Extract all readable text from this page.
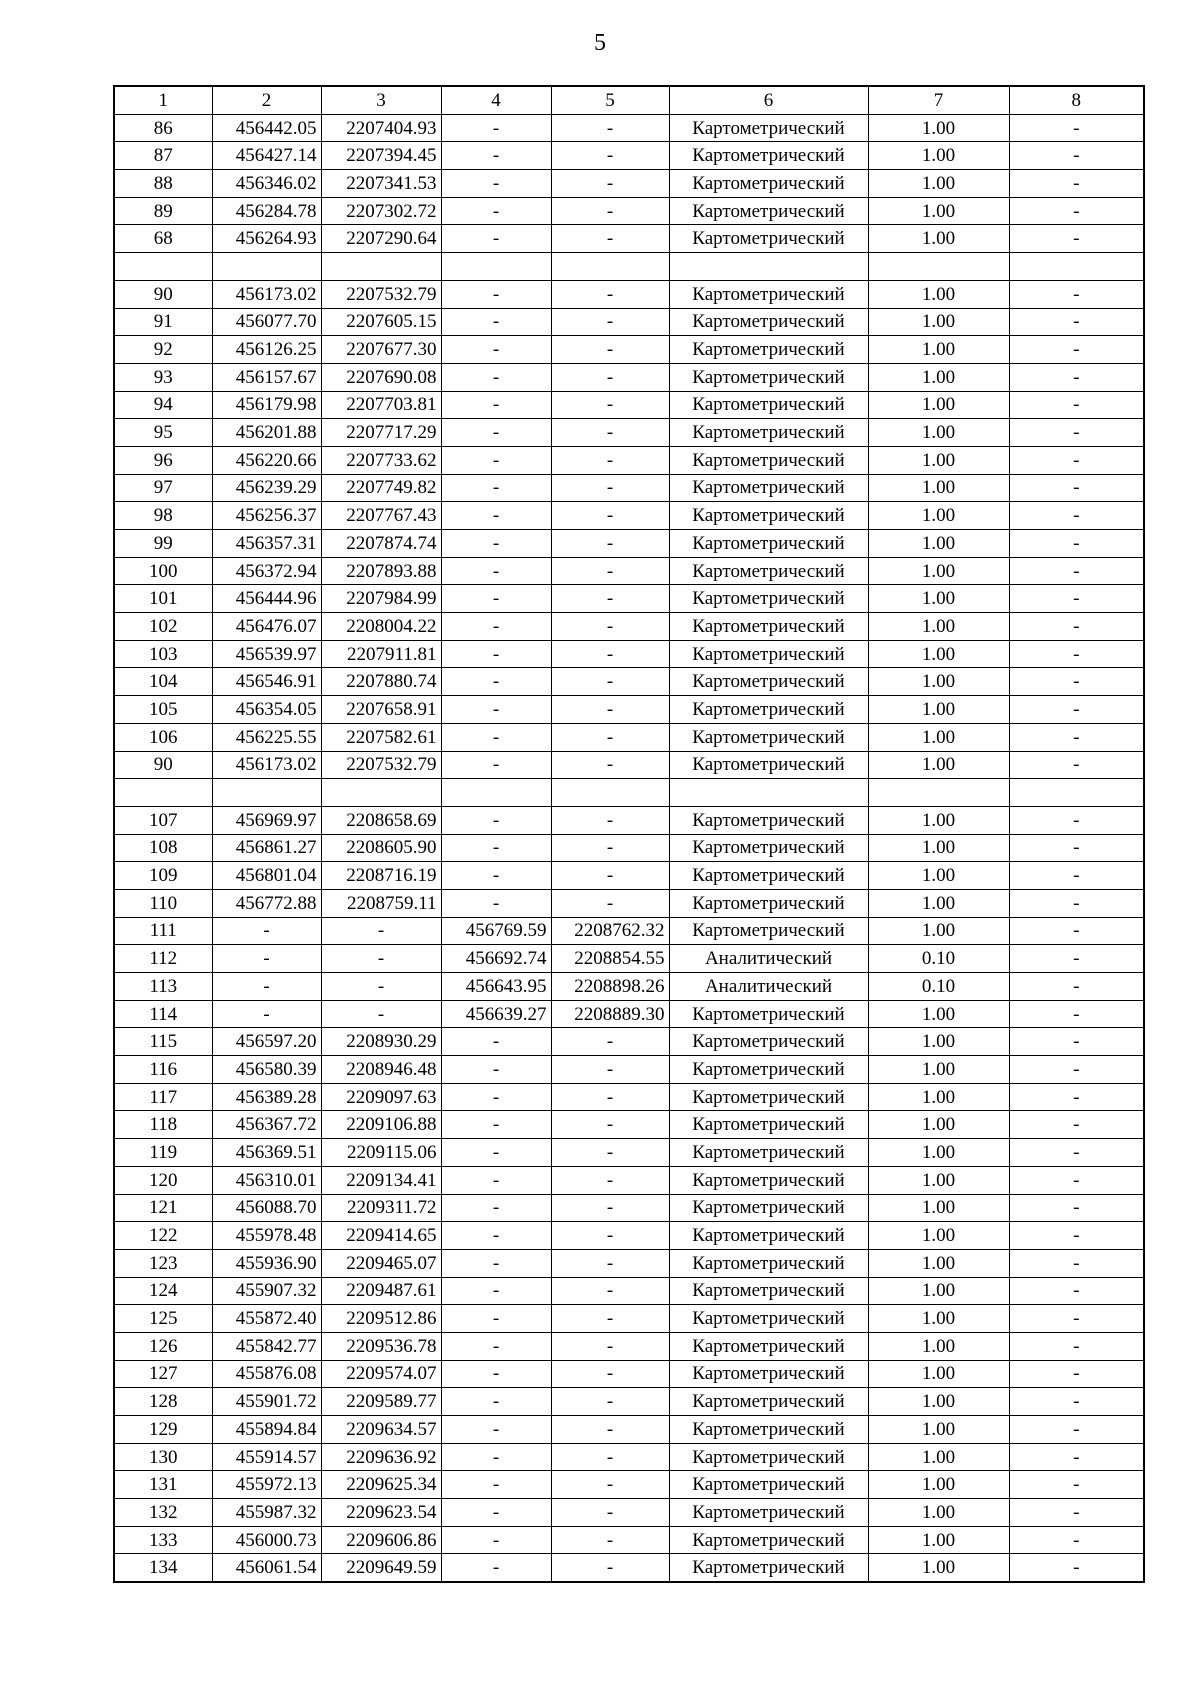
5
1	2	3	4	5	6	7	8
86	456442.05	2207404.93	-	-	Картометрический	1.00	-
87	456427.14	2207394.45	-	-	Картометрический	1.00	-
88	456346.02	2207341.53	-	-	Картометрический	1.00	-
89	456284.78	2207302.72	-	-	Картометрический	1.00	-
68	456264.93	2207290.64	-	-	Картометрический	1.00	-

90	456173.02	2207532.79	-	-	Картометрический	1.00	-
91	456077.70	2207605.15	-	-	Картометрический	1.00	-
92	456126.25	2207677.30	-	-	Картометрический	1.00	-
93	456157.67	2207690.08	-	-	Картометрический	1.00	-
94	456179.98	2207703.81	-	-	Картометрический	1.00	-
95	456201.88	2207717.29	-	-	Картометрический	1.00	-
96	456220.66	2207733.62	-	-	Картометрический	1.00	-
97	456239.29	2207749.82	-	-	Картометрический	1.00	-
98	456256.37	2207767.43	-	-	Картометрический	1.00	-
99	456357.31	2207874.74	-	-	Картометрический	1.00	-
100	456372.94	2207893.88	-	-	Картометрический	1.00	-
101	456444.96	2207984.99	-	-	Картометрический	1.00	-
102	456476.07	2208004.22	-	-	Картометрический	1.00	-
103	456539.97	2207911.81	-	-	Картометрический	1.00	-
104	456546.91	2207880.74	-	-	Картометрический	1.00	-
105	456354.05	2207658.91	-	-	Картометрический	1.00	-
106	456225.55	2207582.61	-	-	Картометрический	1.00	-
90	456173.02	2207532.79	-	-	Картометрический	1.00	-

107	456969.97	2208658.69	-	-	Картометрический	1.00	-
108	456861.27	2208605.90	-	-	Картометрический	1.00	-
109	456801.04	2208716.19	-	-	Картометрический	1.00	-
110	456772.88	2208759.11	-	-	Картометрический	1.00	-
111	-	-	456769.59	2208762.32	Картометрический	1.00	-
112	-	-	456692.74	2208854.55	Аналитический	0.10	-
113	-	-	456643.95	2208898.26	Аналитический	0.10	-
114	-	-	456639.27	2208889.30	Картометрический	1.00	-
115	456597.20	2208930.29	-	-	Картометрический	1.00	-
116	456580.39	2208946.48	-	-	Картометрический	1.00	-
117	456389.28	2209097.63	-	-	Картометрический	1.00	-
118	456367.72	2209106.88	-	-	Картометрический	1.00	-
119	456369.51	2209115.06	-	-	Картометрический	1.00	-
120	456310.01	2209134.41	-	-	Картометрический	1.00	-
121	456088.70	2209311.72	-	-	Картометрический	1.00	-
122	455978.48	2209414.65	-	-	Картометрический	1.00	-
123	455936.90	2209465.07	-	-	Картометрический	1.00	-
124	455907.32	2209487.61	-	-	Картометрический	1.00	-
125	455872.40	2209512.86	-	-	Картометрический	1.00	-
126	455842.77	2209536.78	-	-	Картометрический	1.00	-
127	455876.08	2209574.07	-	-	Картометрический	1.00	-
128	455901.72	2209589.77	-	-	Картометрический	1.00	-
129	455894.84	2209634.57	-	-	Картометрический	1.00	-
130	455914.57	2209636.92	-	-	Картометрический	1.00	-
131	455972.13	2209625.34	-	-	Картометрический	1.00	-
132	455987.32	2209623.54	-	-	Картометрический	1.00	-
133	456000.73	2209606.86	-	-	Картометрический	1.00	-
134	456061.54	2209649.59	-	-	Картометрический	1.00	-
